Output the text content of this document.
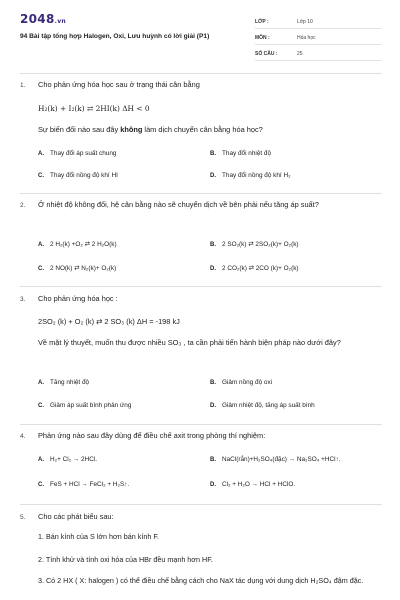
2048.vn
94 Bài tập tổng hợp Halogen, Oxi, Lưu huỳnh có lời giải (P1)
LỚP :	Lớp 10
MÔN :	Hóa học
SỐ CÂU :	25
1. Cho phản ứng hóa học sau ở trạng thái cân bằng
H₂(k) + I₂(k) ⇄ 2HI(k) ΔH < 0
Sự biến đổi nào sau đây không làm dịch chuyển cân bằng hóa học?
A. Thay đổi áp suất chung	B. Thay đổi nhiệt độ
C. Thay đổi nồng độ khí HI	D. Thay đổi nồng độ khí H₂
2. Ở nhiệt độ không đổi, hệ cân bằng nào sẽ chuyển dịch về bên phải nếu tăng áp suất?
A. 2 H₂(k) +O₂ ⇄ 2 H₂O(k)	B. 2 SO₂(k) ⇄ 2SO₂(k)+ O₂(k)
C. 2 NO(k) ⇄ N₂(k)+ O₂(k)	D. 2 CO₂(k) ⇄ 2CO (k)+ O₂(k)
3. Cho phản ứng hóa học :
2SO₂ (k) + O₂ (k) ⇄ 2 SO₃ (k) ΔH = -198 kJ
Về mặt lý thuyết, muốn thu được nhiều SO₃ , ta cần phải tiến hành biện pháp nào dưới đây?
A. Tăng nhiệt độ	B. Giảm nồng độ oxi
C. Giảm áp suất bình phản ứng	D. Giảm nhiệt độ, tăng áp suất bình
4. Phản ứng nào sau đây dùng để điều chế axit trong phòng thí nghiệm:
A. H₂+ Cl₂ → 2HCl.	B. NaCl(rắn)+H₂SO₄(đặc) → Na₂SO₄ +HCl↑.
C. FeS + HCl → FeCl₂ + H₂S↑.	D. Cl₂ + H₂O → HCl + HClO.
5. Cho các phát biểu sau:
1. Bán kính của S lớn hơn bán kính F.
2. Tính khử và tính oxi hóa của HBr đều mạnh hơn HF.
3. Có 2 HX ( X: halogen ) có thể điều chế bằng cách cho NaX tác dụng với dung dịch H₂SO₄ đậm đặc.
